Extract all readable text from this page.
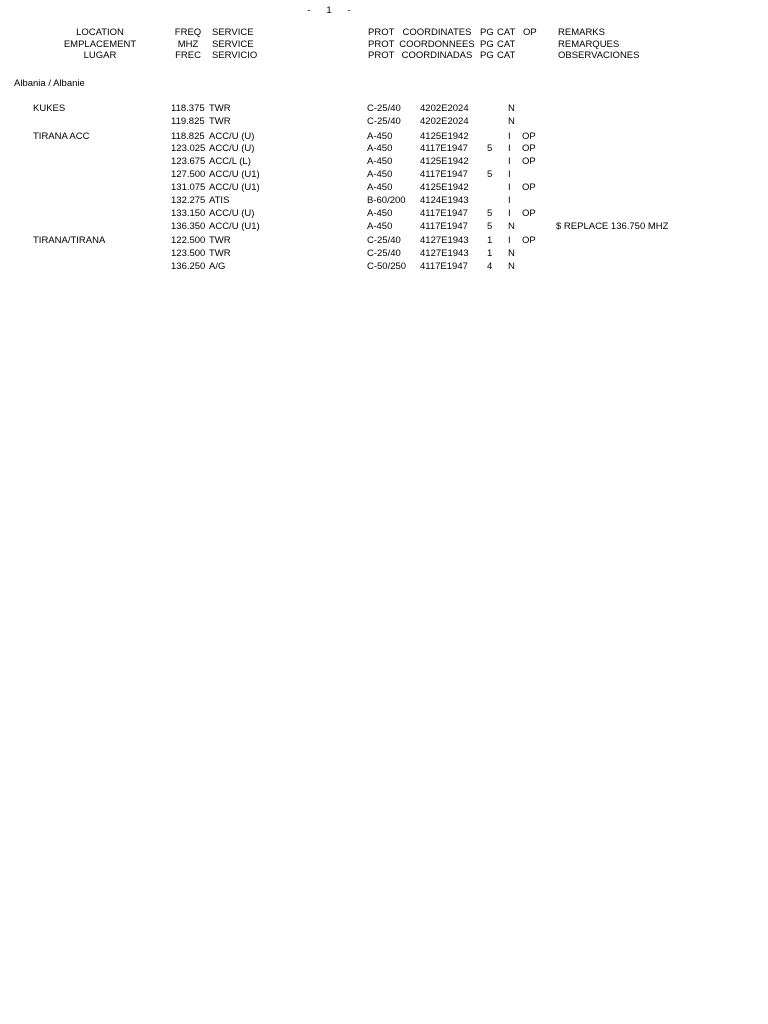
-   1   -
LOCATION	FREQ	SERVICE	PROT COORDINATES PG CAT OP REMARKS
EMPLACEMENT	MHZ	SERVICE	PROT COORDONNEES PG CAT	REMARQUES
LUGAR	FREC	SERVICIO	PROT COORDINADAS PG CAT	OBSERVACIONES
Albania / Albanie
KUKES	118.375 TWR	C-25/40 4202E2024	N
119.825 TWR	C-25/40 4202E2024	N
TIRANA ACC	118.825 ACC/U (U)	A-450	4125E1942	I OP
123.025 ACC/U (U)	A-450	4117E1947 5 I OP
123.675 ACC/L (L)	A-450	4125E1942	I OP
127.500 ACC/U (U1)	A-450	4117E1947 5 I
131.075 ACC/U (U1)	A-450	4125E1942	I OP
132.275 ATIS	B-60/200 4124E1943	I
133.150 ACC/U (U)	A-450	4117E1947 5 I OP
136.350 ACC/U (U1)	A-450	4117E1947 5 N	$ REPLACE 136.750 MHZ
TIRANA/TIRANA	122.500 TWR	C-25/40 4127E1943 1 I OP
123.500 TWR	C-25/40 4127E1943 1 N
136.250 A/G	C-50/250 4117E1947 4 N
